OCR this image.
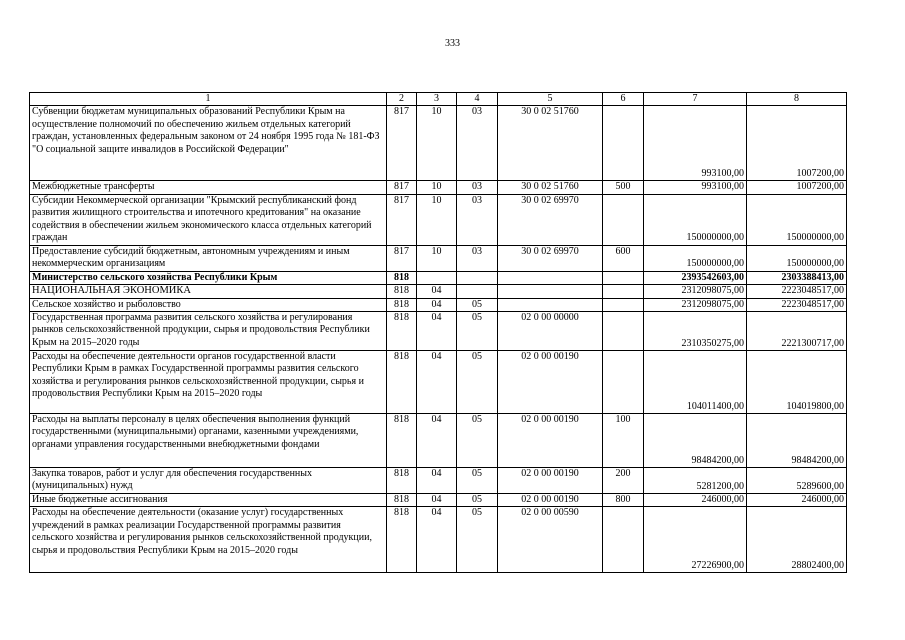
333
1	2	3	4	5	6	7	8
Субвенции бюджетам муниципальных образований Республики Крым на осуществление полномочий по обеспечению жильем отдельных категорий граждан, установленных федеральным законом от 24 ноября 1995 года № 181-ФЗ "О социальной защите инвалидов в Российской Федерации"	817	10	03	30 0 02 51760		993100,00	1007200,00
Межбюджетные трансферты	817	10	03	30 0 02 51760	500	993100,00	1007200,00
Субсидии Некоммерческой организации "Крымский республиканский фонд развития жилищного строительства и ипотечного кредитования" на оказание содействия в обеспечении жильем экономического класса отдельных категорий граждан	817	10	03	30 0 02 69970		150000000,00	150000000,00
Предоставление субсидий бюджетным, автономным учреждениям и иным некоммерческим организациям	817	10	03	30 0 02 69970	600	150000000,00	150000000,00
Министерство сельского хозяйства Республики Крым	818					2393542603,00	2303388413,00
НАЦИОНАЛЬНАЯ ЭКОНОМИКА	818	04				2312098075,00	2223048517,00
Сельское хозяйство и рыболовство	818	04	05			2312098075,00	2223048517,00
Государственная программа развития сельского хозяйства и регулирования рынков сельскохозяйственной продукции, сырья и продовольствия Республики Крым на 2015–2020 годы	818	04	05	02 0 00 00000		2310350275,00	2221300717,00
Расходы на обеспечение деятельности органов государственной власти Республики Крым в рамках Государственной программы развития сельского хозяйства и регулирования рынков сельскохозяйственной продукции, сырья и продовольствия Республики Крым на 2015–2020 годы	818	04	05	02 0 00 00190		104011400,00	104019800,00
Расходы на выплаты персоналу в целях обеспечения выполнения функций государственными (муниципальными) органами, казенными учреждениями, органами управления государственными внебюджетными фондами	818	04	05	02 0 00 00190	100	98484200,00	98484200,00
Закупка товаров, работ и услуг для обеспечения государственных (муниципальных) нужд	818	04	05	02 0 00 00190	200	5281200,00	5289600,00
Иные бюджетные ассигнования	818	04	05	02 0 00 00190	800	246000,00	246000,00
Расходы на обеспечение деятельности (оказание услуг) государственных учреждений в рамках реализации Государственной программы развития сельского хозяйства и регулирования рынков сельскохозяйственной продукции, сырья и продовольствия Республики Крым на 2015–2020 годы	818	04	05	02 0 00 00590		27226900,00	28802400,00
